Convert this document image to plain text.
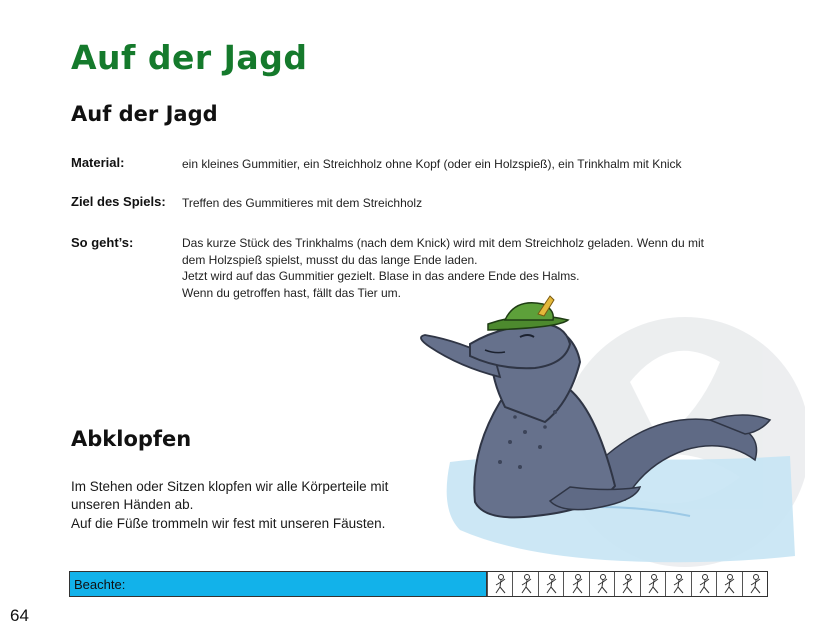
Auf der Jagd
Auf der Jagd
Material:	ein kleines Gummitier, ein Streichholz ohne Kopf (oder ein Holzspieß), ein Trinkhalm mit Knick
Ziel des Spiels: Treffen des Gummitieres mit dem Streichholz
So geht’s:	Das kurze Stück des Trinkhalms (nach dem Knick) wird mit dem Streichholz geladen. Wenn du mit
dem Holzspieß spielst, musst du das lange Ende laden.
Jetzt wird auf das Gummitier gezielt. Blase in das andere Ende des Halms.
Wenn du getroffen hast, fällt das Tier um.
Abklopfen
Im Stehen oder Sitzen klopfen wir alle Körperteile mit
unseren Händen ab.
Auf die Füße trommeln wir fest mit unseren Fäusten.
Beachte:
64
